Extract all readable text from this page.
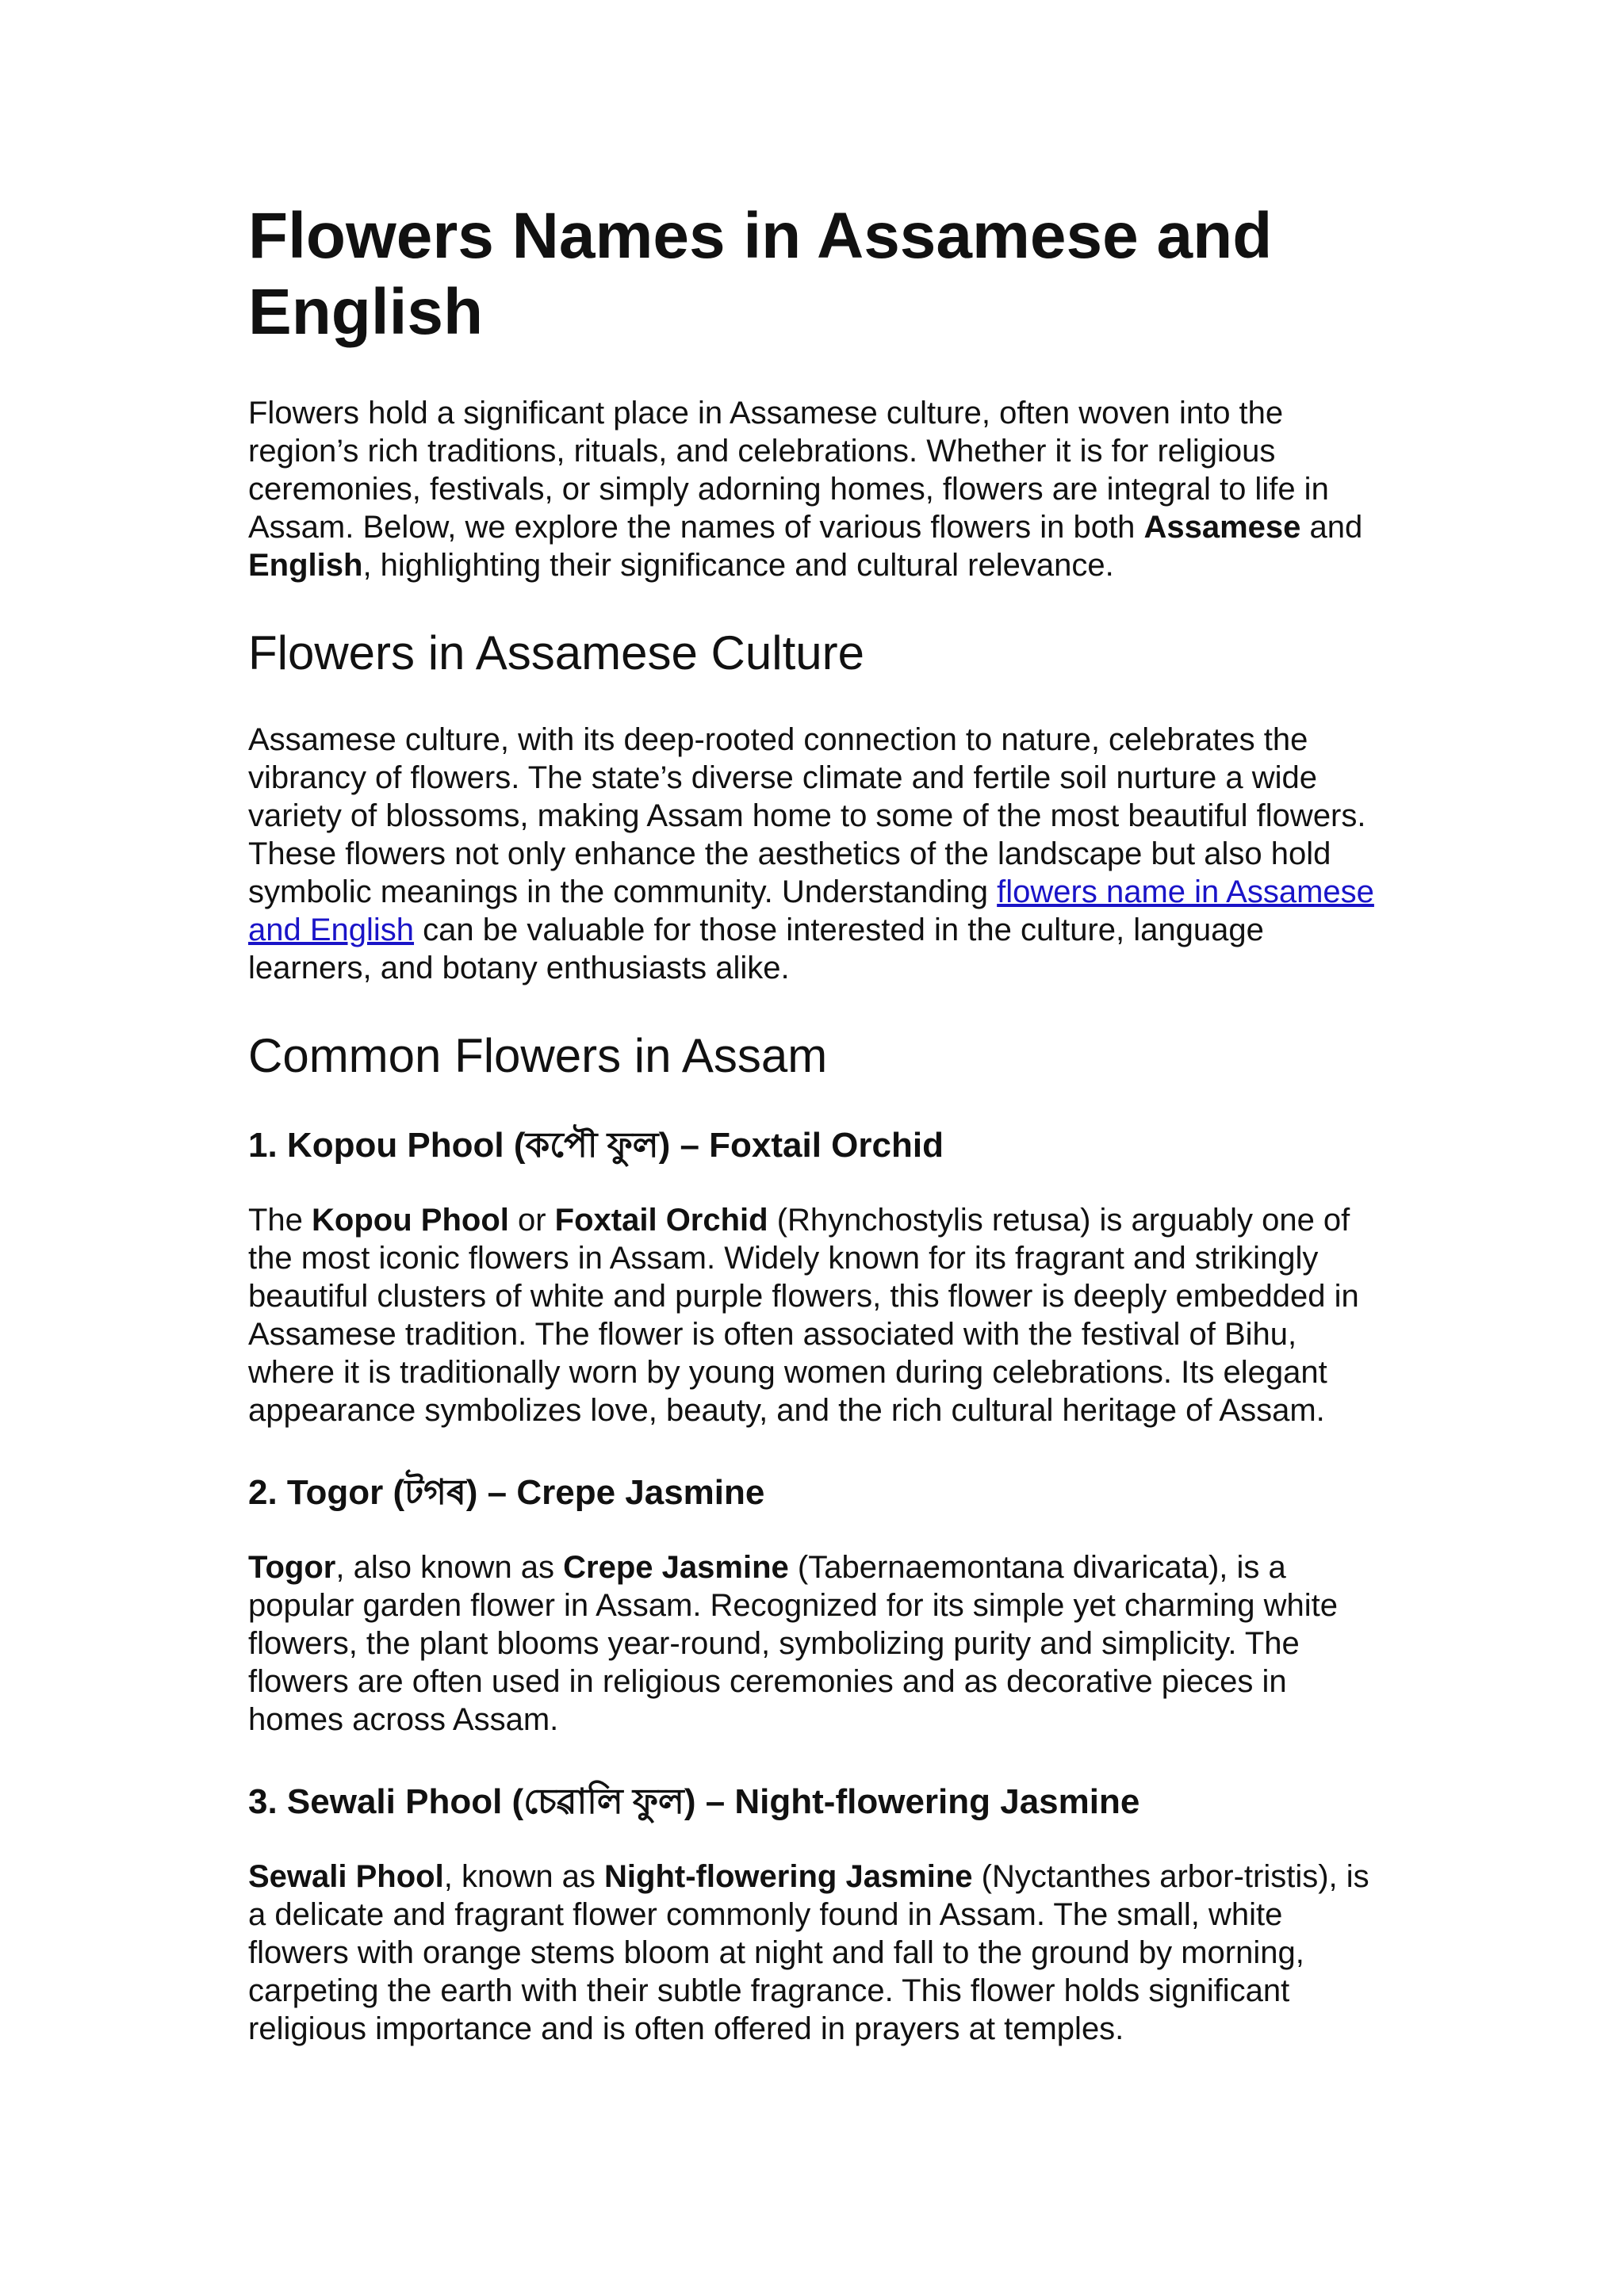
Flowers Names in Assamese and English

Flowers hold a significant place in Assamese culture, often woven into the region’s rich traditions, rituals, and celebrations. Whether it is for religious ceremonies, festivals, or simply adorning homes, flowers are integral to life in Assam. Below, we explore the names of various flowers in both Assamese and English, highlighting their significance and cultural relevance.

Flowers in Assamese Culture

Assamese culture, with its deep-rooted connection to nature, celebrates the vibrancy of flowers. The state’s diverse climate and fertile soil nurture a wide variety of blossoms, making Assam home to some of the most beautiful flowers. These flowers not only enhance the aesthetics of the landscape but also hold symbolic meanings in the community. Understanding flowers name in Assamese and English can be valuable for those interested in the culture, language learners, and botany enthusiasts alike.

Common Flowers in Assam
1. Kopou Phool (কপৌ ফুল) – Foxtail Orchid

The Kopou Phool or Foxtail Orchid (Rhynchostylis retusa) is arguably one of the most iconic flowers in Assam. Widely known for its fragrant and strikingly beautiful clusters of white and purple flowers, this flower is deeply embedded in Assamese tradition. The flower is often associated with the festival of Bihu, where it is traditionally worn by young women during celebrations. Its elegant appearance symbolizes love, beauty, and the rich cultural heritage of Assam.

2. Togor (টগৰ) – Crepe Jasmine

Togor, also known as Crepe Jasmine (Tabernaemontana divaricata), is a popular garden flower in Assam. Recognized for its simple yet charming white flowers, the plant blooms year-round, symbolizing purity and simplicity. The flowers are often used in religious ceremonies and as decorative pieces in homes across Assam.

3. Sewali Phool (চেৱালি ফুল) – Night-flowering Jasmine

Sewali Phool, known as Night-flowering Jasmine (Nyctanthes arbor-tristis), is a delicate and fragrant flower commonly found in Assam. The small, white flowers with orange stems bloom at night and fall to the ground by morning, carpeting the earth with their subtle fragrance. This flower holds significant religious importance and is often offered in prayers at temples.
